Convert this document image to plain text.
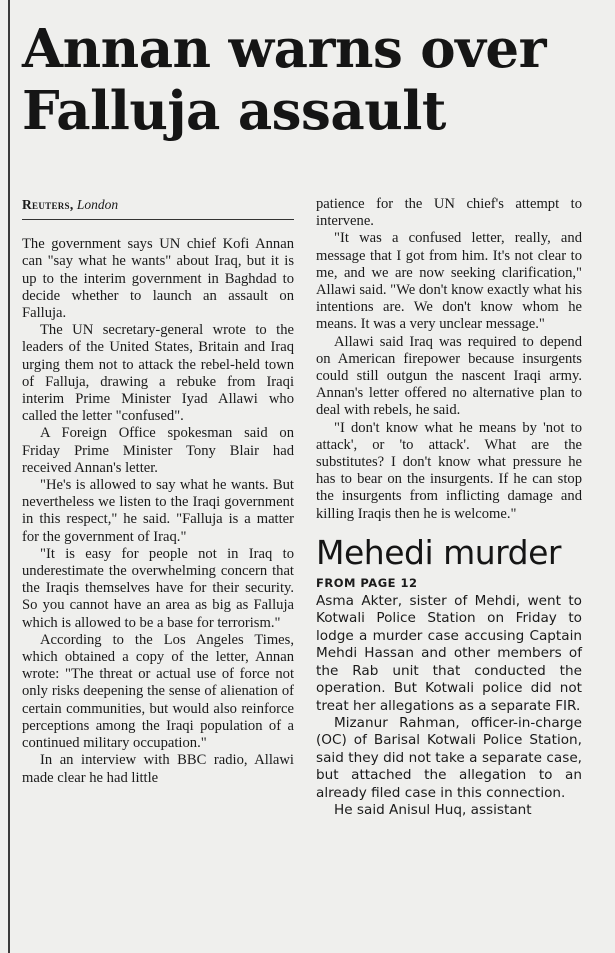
Annan warns over Falluja assault
Reuters, London

The government says UN chief Kofi Annan can "say what he wants" about Iraq, but it is up to the interim government in Baghdad to decide whether to launch an assault on Falluja.

The UN secretary-general wrote to the leaders of the United States, Britain and Iraq urging them not to attack the rebel-held town of Falluja, drawing a rebuke from Iraqi interim Prime Minister Iyad Allawi who called the letter "confused".

A Foreign Office spokesman said on Friday Prime Minister Tony Blair had received Annan's letter.

"He's is allowed to say what he wants. But nevertheless we listen to the Iraqi government in this respect," he said. "Falluja is a matter for the government of Iraq."

"It is easy for people not in Iraq to underestimate the overwhelming concern that the Iraqis themselves have for their security. So you cannot have an area as big as Falluja which is allowed to be a base for terrorism."

According to the Los Angeles Times, which obtained a copy of the letter, Annan wrote: "The threat or actual use of force not only risks deepening the sense of alienation of certain communities, but would also reinforce perceptions among the Iraqi population of a continued military occupation."

In an interview with BBC radio, Allawi made clear he had little

patience for the UN chief's attempt to intervene.

"It was a confused letter, really, and message that I got from him. It's not clear to me, and we are now seeking clarification," Allawi said. "We don't know exactly what his intentions are. We don't know whom he means. It was a very unclear message."

Allawi said Iraq was required to depend on American firepower because insurgents could still outgun the nascent Iraqi army. Annan's letter offered no alternative plan to deal with rebels, he said.

"I don't know what he means by 'not to attack', or 'to attack'. What are the substitutes? I don't know what pressure he has to bear on the insurgents. If he can stop the insurgents from inflicting damage and killing Iraqis then he is welcome."

Mehedi murder
FROM PAGE 12

Asma Akter, sister of Mehdi, went to Kotwali Police Station on Friday to lodge a murder case accusing Captain Mehdi Hassan and other members of the Rab unit that conducted the operation. But Kotwali police did not treat her allegations as a separate FIR.

Mizanur Rahman, officer-in-charge (OC) of Barisal Kotwali Police Station, said they did not take a separate case, but attached the allegation to an already filed case in this connection.

He said Anisul Huq, assistant
